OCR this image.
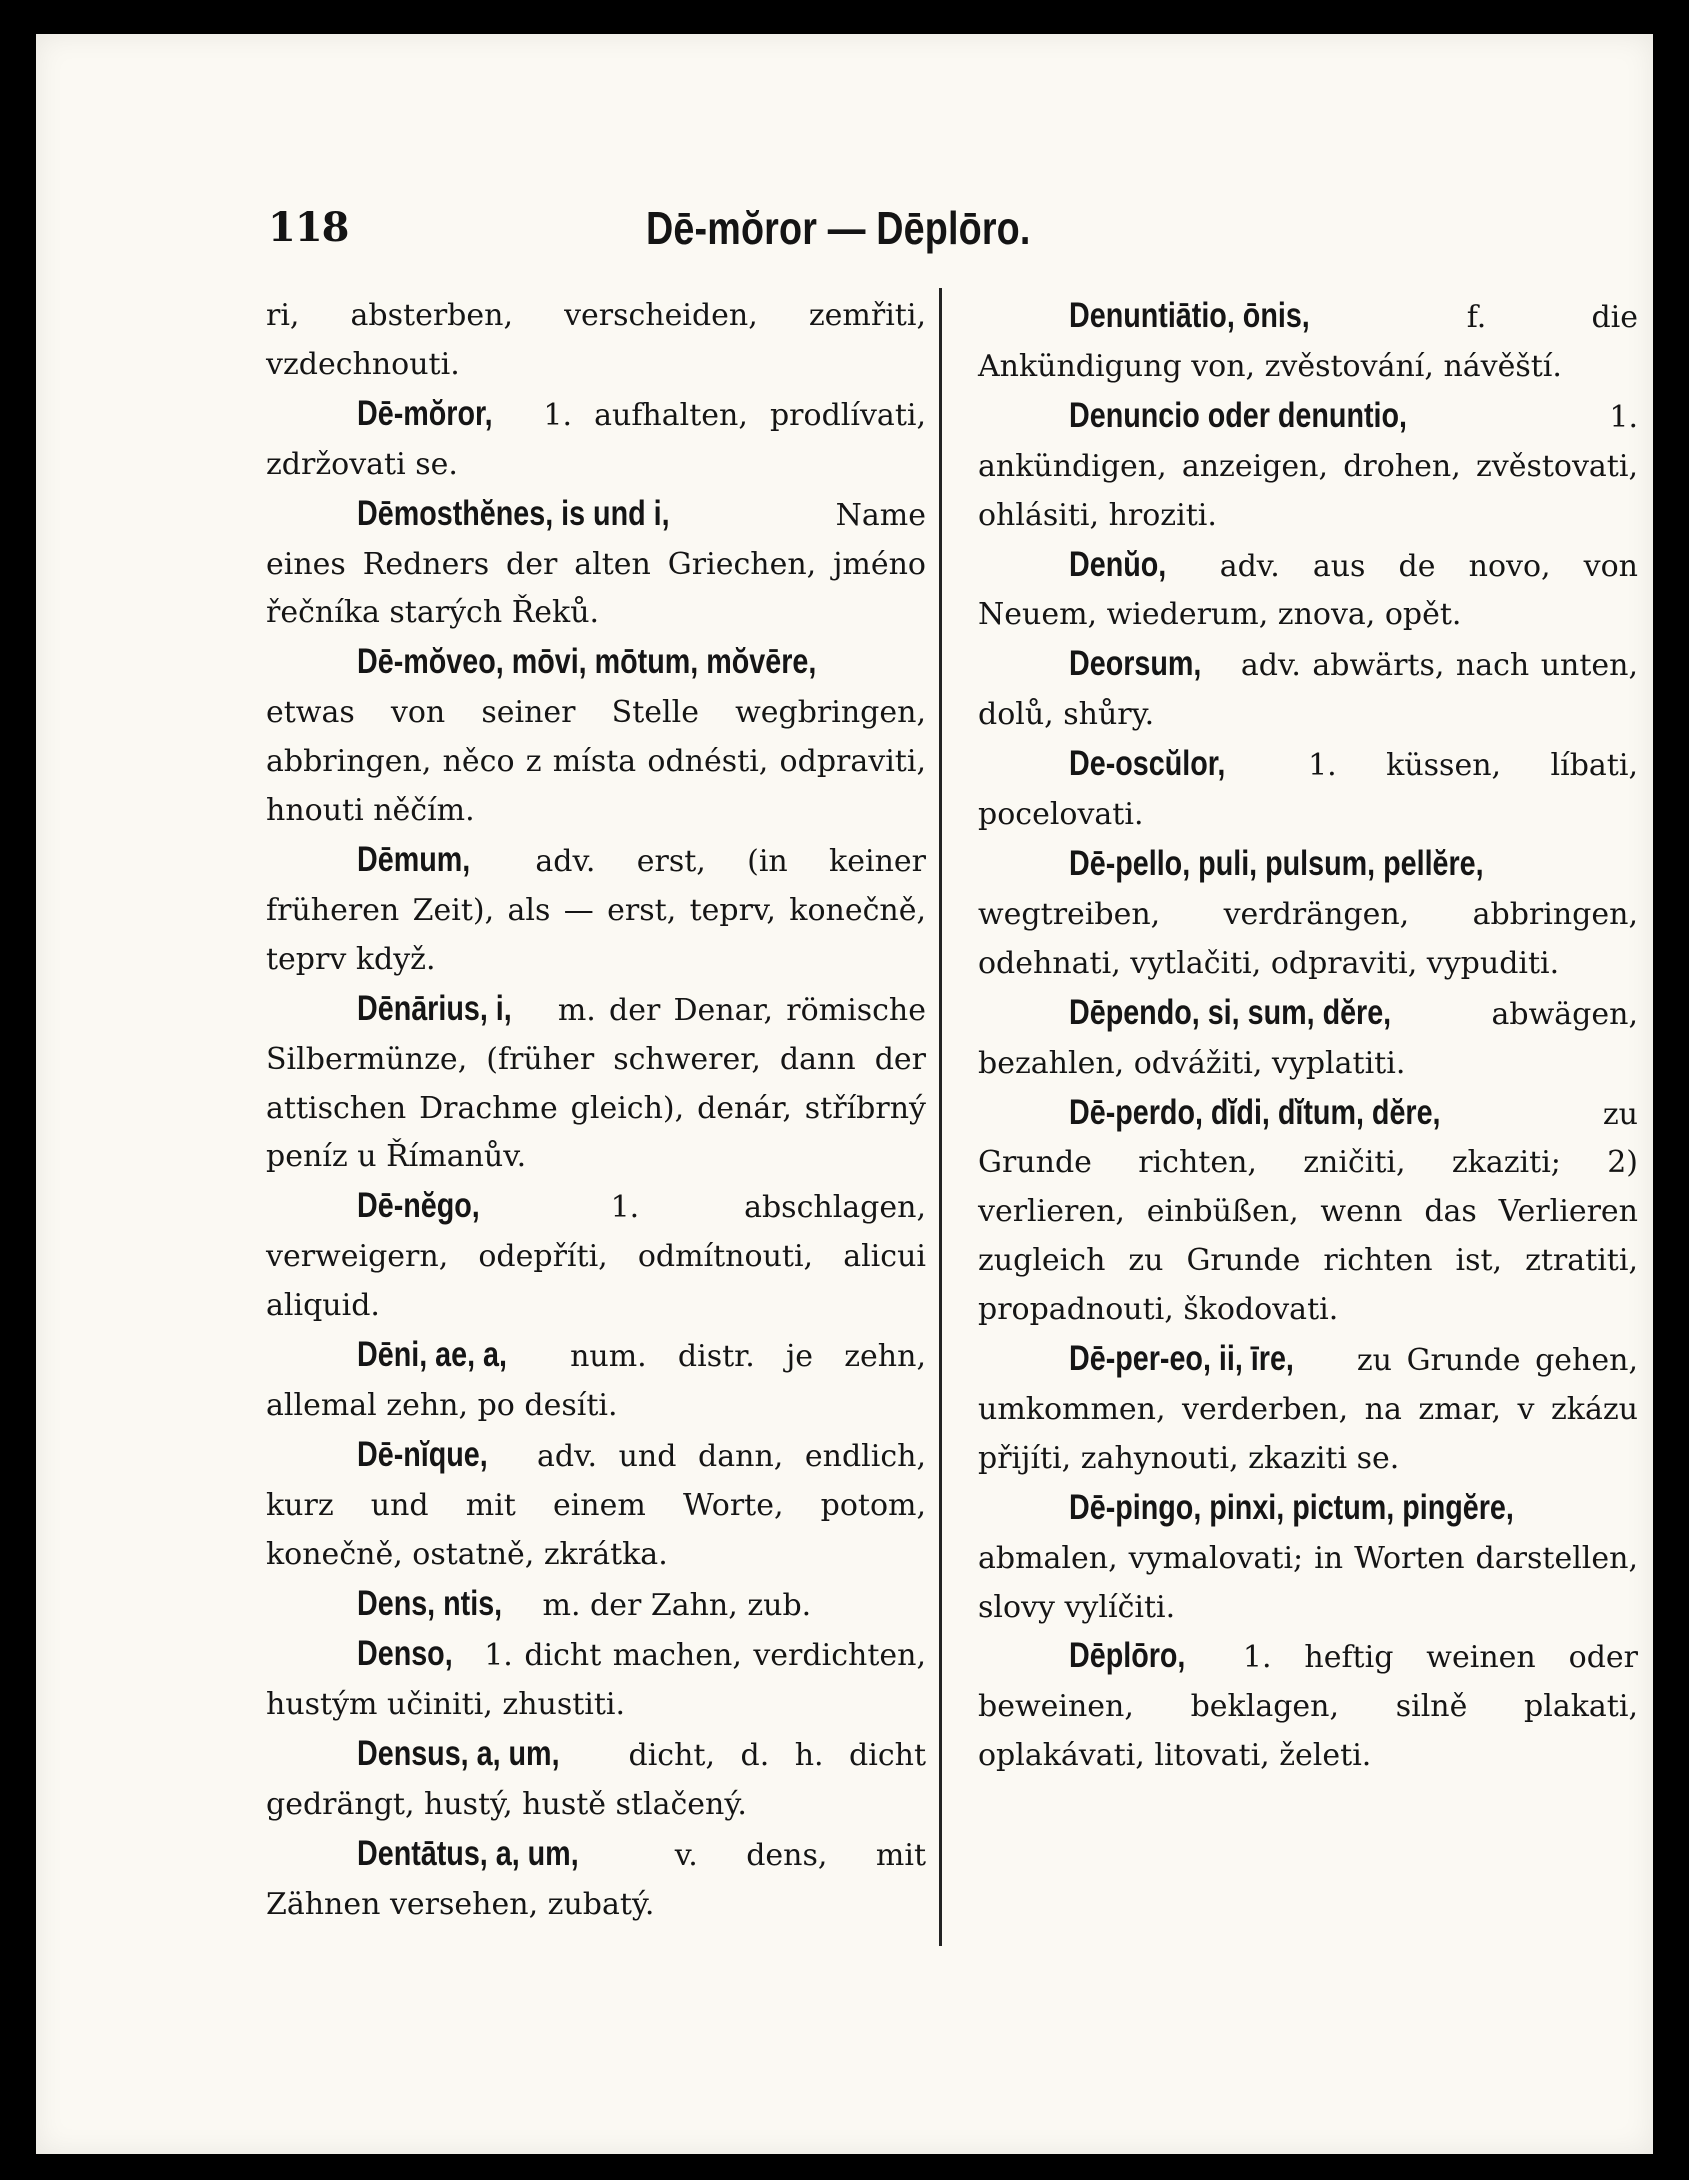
118	Dē-mŏror — Dēplōro.

ri, absterben, verscheiden, zemřiti, vzdechnouti.

Dē-mŏror, 1. aufhalten, prodlívati, zdržovati se.

Dēmosthĕnes, is und i, Name eines Redners der alten Griechen, jméno řečníka starých Řeků.

Dē-mŏveo, mōvi, mōtum, mŏvēre, etwas von seiner Stelle wegbringen, abbringen, něco z místa odnésti, odpraviti, hnouti něčím.

Dēmum, adv. erst, (in keiner früheren Zeit), als — erst, teprv, konečně, teprv když.

Dēnārius, i, m. der Denar, römische Silbermünze, (früher schwerer, dann der attischen Drachme gleich), denár, stříbrný peníz u Římanův.

Dē-nĕgo, 1. abschlagen, verweigern, odepříti, odmítnouti, alicui aliquid.

Dēni, ae, a, num. distr. je zehn, allemal zehn, po desíti.

Dē-nĭque, adv. und dann, endlich, kurz und mit einem Worte, potom, konečně, ostatně, zkrátka.

Dens, ntis, m. der Zahn, zub.

Denso, 1. dicht machen, verdichten, hustým učiniti, zhustiti.

Densus, a, um, dicht, d. h. dicht gedrängt, hustý, hustě stlačený.

Dentātus, a, um, v. dens, mit Zähnen versehen, zubatý.

Denuntiātio, ōnis, f. die Ankündigung von, zvěstování, návěští.

Denuncio oder denuntio, 1. ankündigen, anzeigen, drohen, zvěstovati, ohlásiti, hroziti.

Denŭo, adv. aus de novo, von Neuem, wiederum, znova, opět.

Deorsum, adv. abwärts, nach unten, dolů, shůry.

De-oscŭlor, 1. küssen, líbati, pocelovati.

Dē-pello, puli, pulsum, pellĕre, wegtreiben, verdrängen, abbringen, odehnati, vytlačiti, odpraviti, vypuditi.

Dēpendo, si, sum, dĕre, abwägen, bezahlen, odvážiti, vyplatiti.

Dē-perdo, dĭdi, dĭtum, dĕre,	zu Grunde richten, zničiti, zkaziti; 2) verlieren, einbüßen, wenn das Verlieren zugleich zu Grunde richten ist, ztratiti, propadnouti, škodovati.

Dē-per-eo, ii, īre, zu Grunde gehen, umkommen, verderben, na zmar, v zkázu přijíti, zahynouti, zkaziti se.

Dē-pingo, pinxi, pictum, pingĕre, abmalen, vymalovati; in Worten darstellen, slovy vylíčiti.

Dēplōro, 1. heftig weinen oder beweinen, beklagen, silně plakati, oplakávati, litovati, želeti.
